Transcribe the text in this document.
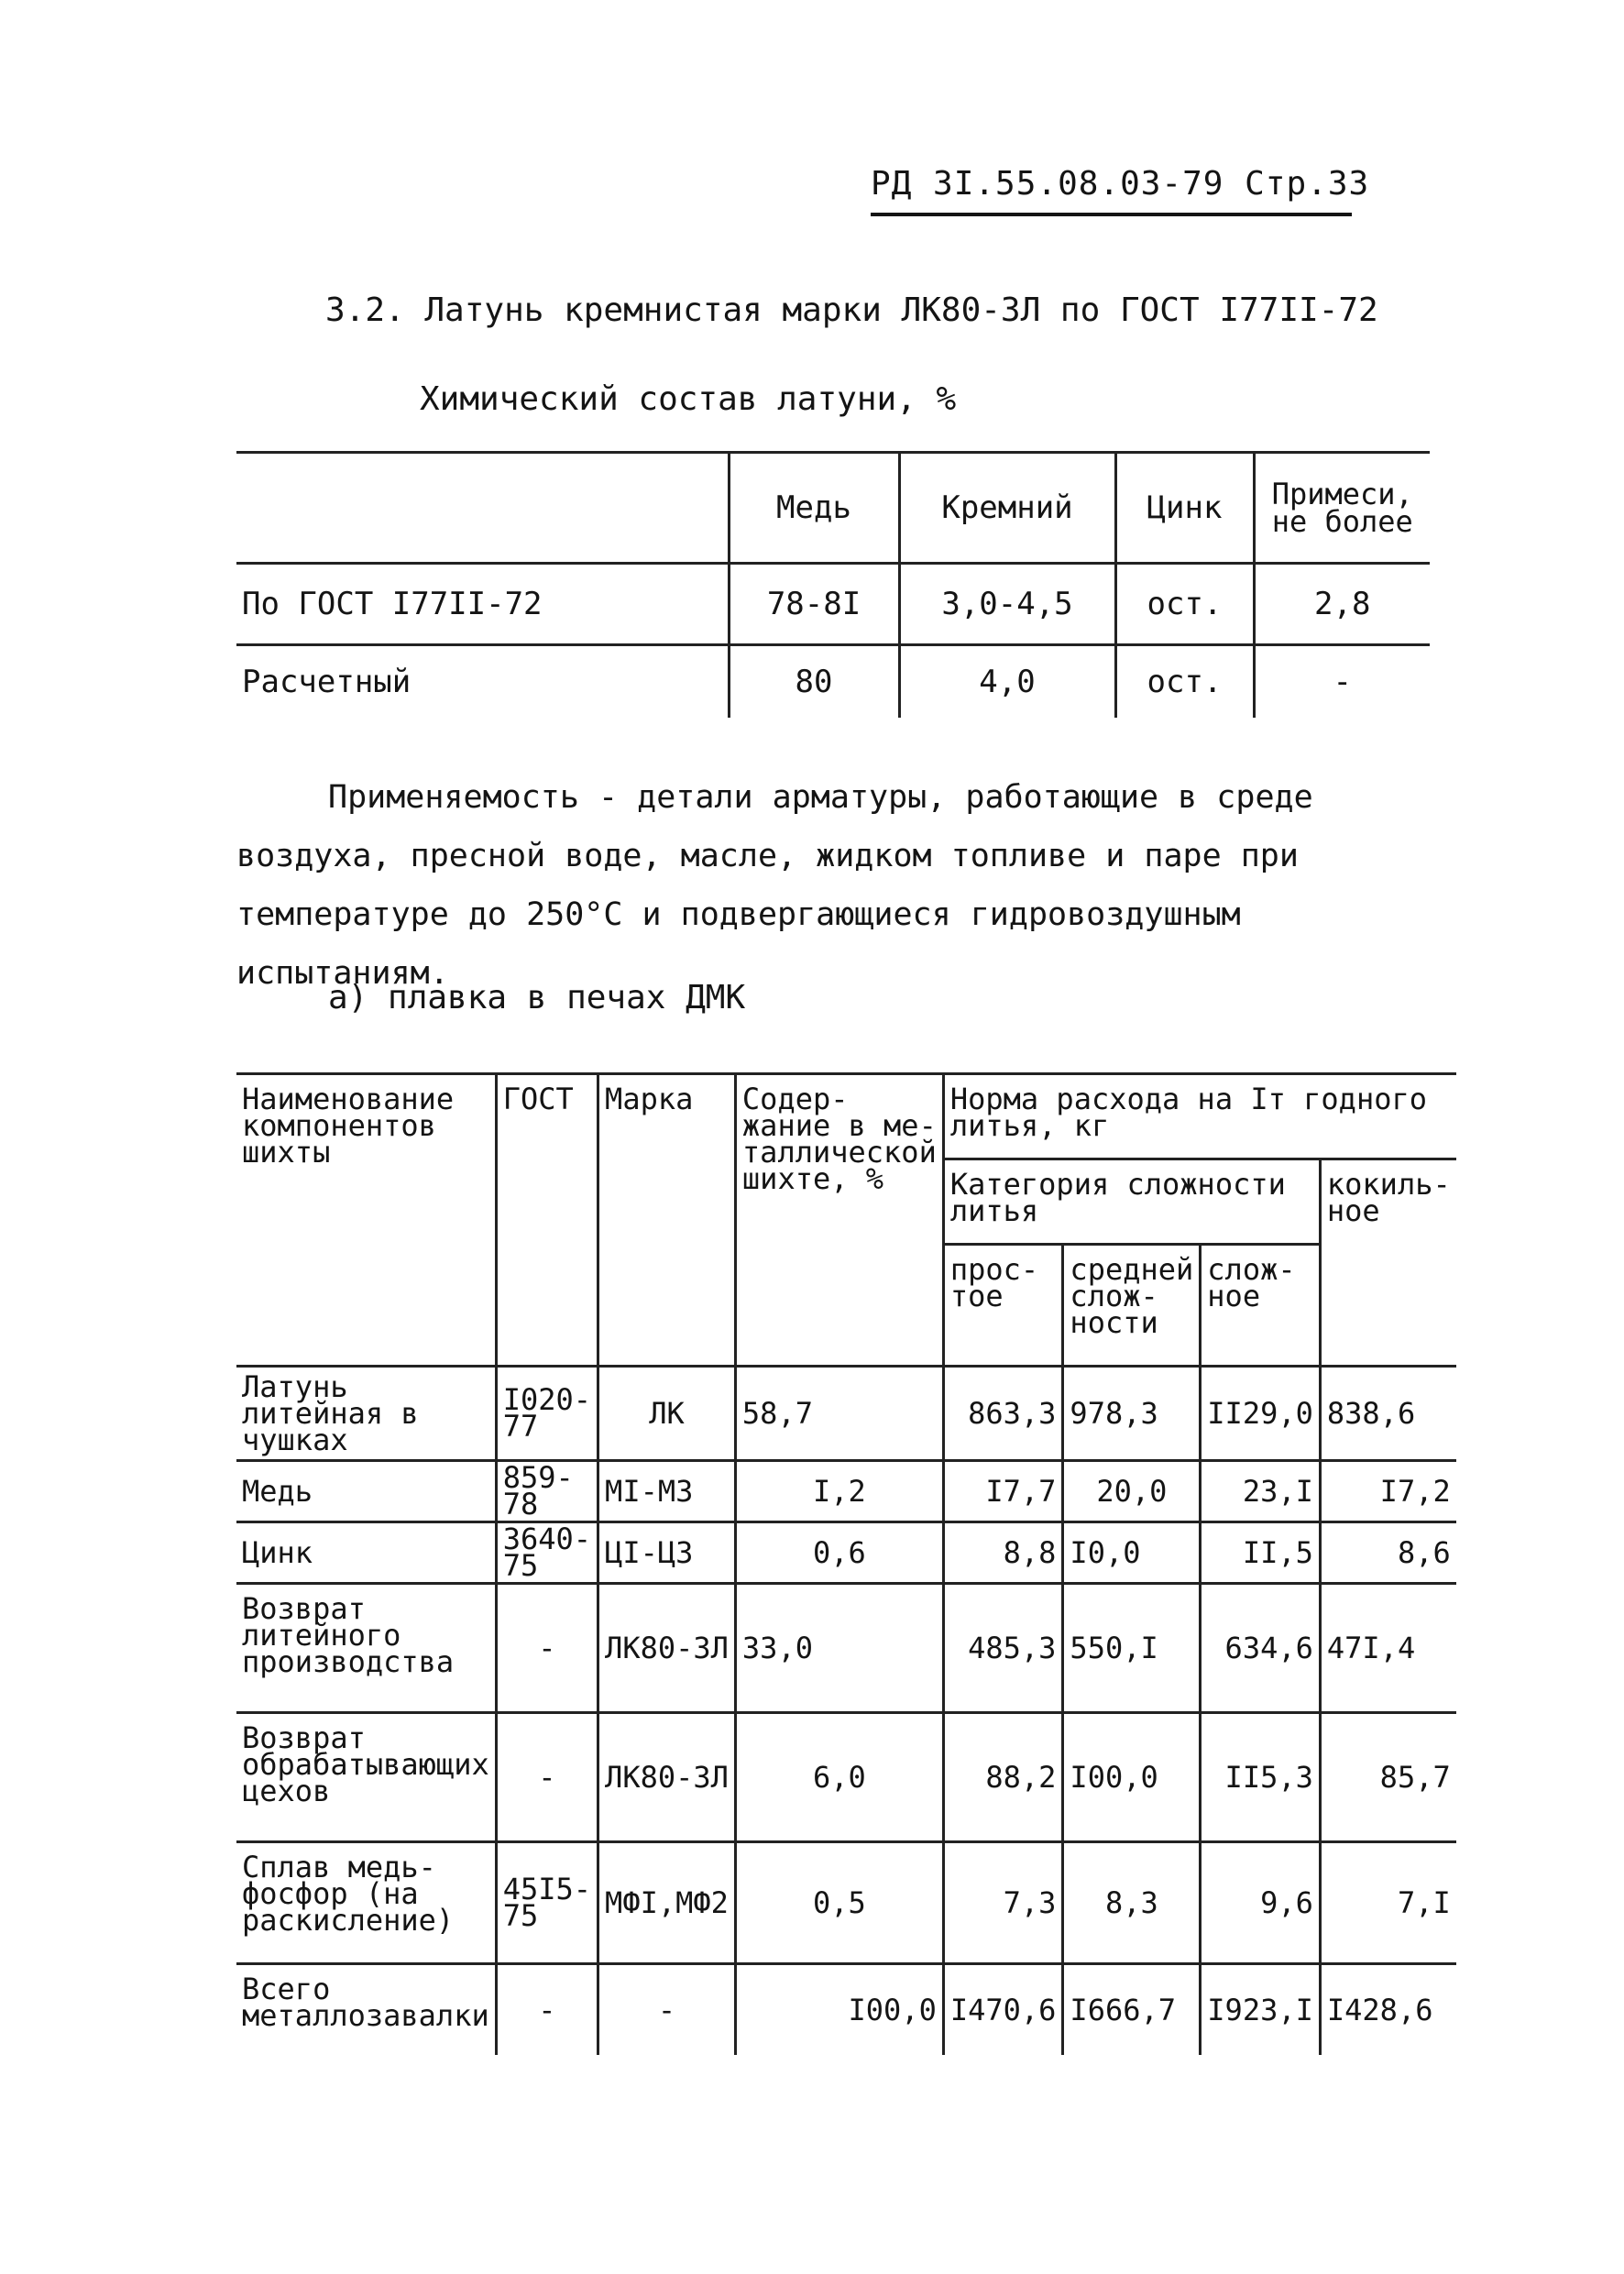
РД 3I.55.08.03-79 Стр.33
3.2. Латунь кремнистая марки ЛК80-3Л по ГОСТ I77II-72
Химический состав латуни, %
	Медь	Кремний	Цинк	Примеси, не более
По ГОСТ I77II-72	78-8I	3,0-4,5	ост.	2,8
Расчетный	80	4,0	ост.	-

Применяемость - детали арматуры, работающие в среде воздуха, пресной воде, масле, жидком топливе и паре при температуре до 250°С и подвергающиеся гидровоздушным испытаниям.

а) плавка в печах ДМК
Наименование компонентов шихты	ГОСТ	Марка	Содер- жание в ме- таллической шихте, %	Норма расхода на Iт годного литья, кг			
				Категория сложности литья			кокиль- ное
				прос- тое	средней слож- ности	слож- ное	
Латунь литейная в чушках	I020-77	ЛК	58,7	863,3	978,3	II29,0	838,6
Медь	859-78	МI-М3	I,2	I7,7	20,0	23,I	I7,2
Цинк	3640-75	ЦI-Ц3	0,6	8,8	I0,0	II,5	8,6
Возврат литейного производства	-	ЛК80-3Л	33,0	485,3	550,I	634,6	47I,4
Возврат обрабатывающих цехов	-	ЛК80-3Л	6,0	88,2	I00,0	II5,3	85,7
Сплав медь-фосфор (на раскисление)	45I5-75	МФI,МФ2	0,5	7,3	8,3	9,6	7,I
Всего металлозавалки	-	-	I00,0	I470,6	I666,7	I923,I	I428,6
